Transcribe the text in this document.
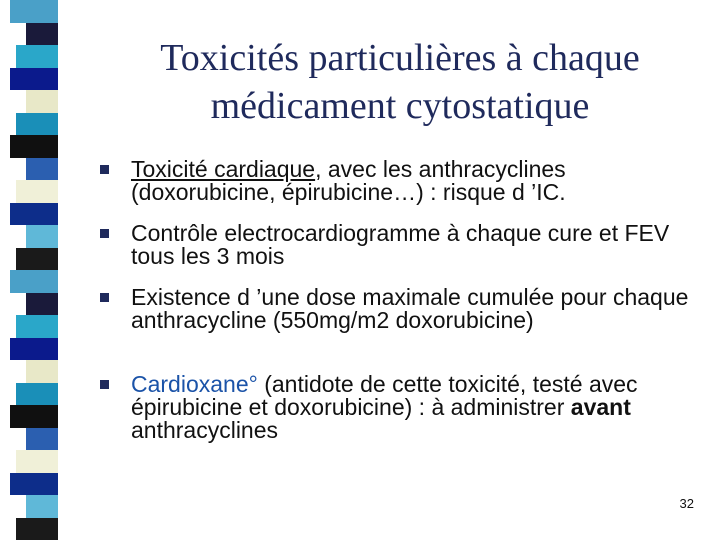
Toxicités particulières à chaque
médicament cytostatique
Toxicité cardiaque, avec les anthracyclines (doxorubicine, épirubicine…) : risque d ’IC.
Contrôle electrocardiogramme à chaque cure et FEV tous les 3 mois
Existence d ’une dose maximale cumulée pour chaque anthracycline (550mg/m2 doxorubicine)
Cardioxane° (antidote de cette toxicité, testé avec épirubicine et doxorubicine) : à administrer avant anthracyclines
32
